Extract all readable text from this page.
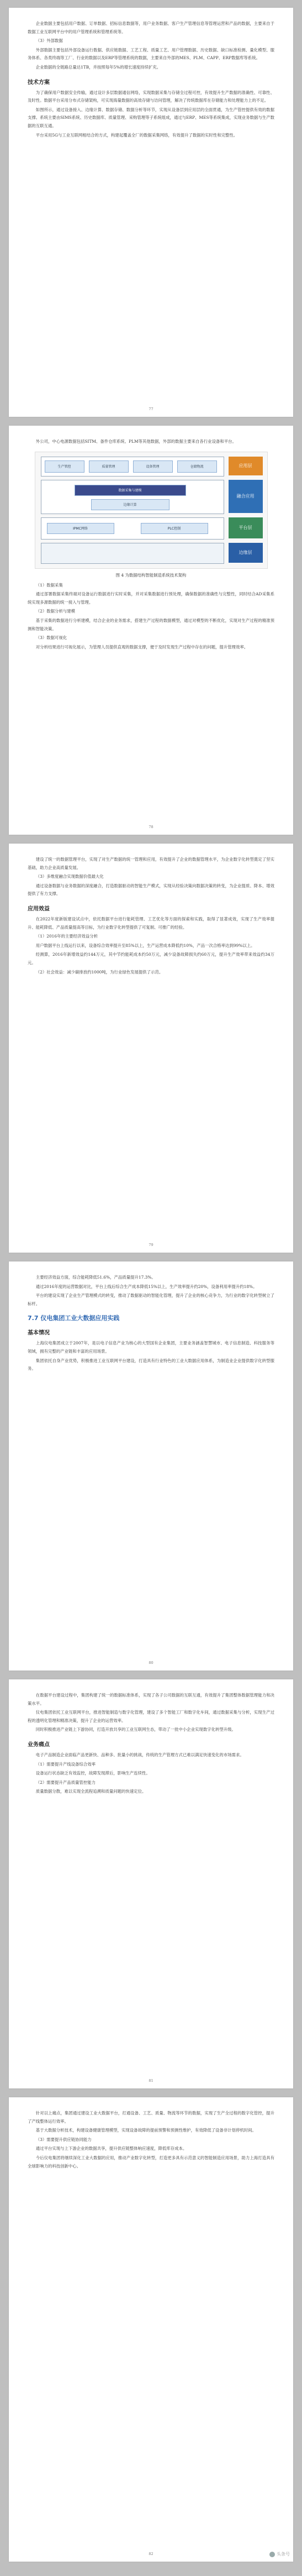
企业数据主要包括用户数据、订单数据、招标信息数据等，用户业务数据、客户生产管理信息等管理运营和产品的数据，主要来自于数据工业互联网平台中的用户管理系统和管理系统等。

（3）外部数据

外部数据主要包括外部设备运行数据、供应链数据、工艺工程、质量工艺、用户管理数据、历史数据、缺口标准检测、量化模型、服务体系、各类终端等工厂、行业的数据以及ERP等管理系统的数据，主要来自外部的MES、PLM、CAPP、ERP数据库等系统。

企业数据的全链路总量达1TB，并按照每年5%的增长速度持续扩充。

技术方案

为了确保用户数据安全传输，通过设计多层数据通信网络，实现数据采集与存储全过程可控，有效提升生产数据的准确性、可靠性、及时性。数据平台采用分布式存储架构，可实现海量数据的高效存储与访问管理，解决了传统数据库在存储能力和处理能力上的不足。

如图所示，通过设备接入、边缘计算、数据存储、数据分析等环节，实现从设备层到应用层的全面贯通，为生产管控提供有效的数据支撑。系统主要由SIMS系统、历史数据库、质量管理、采购管理等子系统组成，通过与ERP、MES等系统集成，实现业务数据与生产数据的互联互通。

平台采用5G与工业互联网相结合的方式，构建起覆盖全厂的数据采集网络，有效提升了数据的实时性和完整性。

77

外公司，中心电源数据包括SITM、备件仓库系统、PLM等其他数据，外部的数据主要来自各行业设备和平台。

生产管控	质量管理	设备管理	仓储物流
数据采集与建模
边缘计算
IPMC网络	PLC控制
应用层
融合应用
平台层
边缘层
图 4 为数据结构智能制造系统技术架构

（1）数据采集

通过部署数据采集终端对设备运行数据进行实时采集，并对采集数据进行预处理，确保数据的准确性与完整性，同时结合AD采集系统实现多源数据的统一接入与管理。

（2）数据分析与建模

基于采集的数据进行分析建模，结合企业的业务需求，搭建生产过程的数据模型，通过对模型的不断优化，实现对生产过程的精准预测和智能决策。

（3）数据可视化

对分析结果进行可视化展示，为管理人员提供直观的数据支撑，便于及时发现生产过程中存在的问题，提升管理效率。

78

建设了统一的数据管理平台，实现了对生产数据的统一管理和应用，有效提升了企业的数据管理水平，为企业数字化转型奠定了坚实基础，助力企业高质量发展。

（3）多维度融合实现数据价值最大化

通过设备数据与业务数据的深度融合，打造数据驱动的智能生产模式，实现从经验决策向数据决策的转变，为企业提质、降本、增效提供了有力支撑。

应用效益

在2022年度新版建设试点中，依托数据平台进行能耗管理、工艺优化等方面的探索和实践，取得了显著成效，实现了生产效率提升、能耗降低、产品质量提高等目标，为行业数字化转型提供了可复制、可推广的经验。

（1）2016年的主要经济效益分析

用户数据平台上线运行以来，设备综合效率提升至85%以上，生产运营成本降低约10%，产品一次合格率达到99%以上。

经测算，2016年新增效益约144万元，其中节约能耗成本约50万元，减少设备故障损失约60万元，提升生产效率带来效益约34万元。

（2）社会效益：减少碳排放约1000吨，为行业绿色发展提供了示范。

79

主要经济效益方面，综合能耗降低51.6%，产品质量提升17.3%。

通过2016年度的运营数据对比，平台上线后综合生产成本降低15%以上，生产效率提升约20%，设备利用率提升约18%。

平台的建设实现了企业生产管理模式的转变，推动了数据驱动的智能化管理，提升了企业的核心竞争力，为行业的数字化转型树立了标杆。

7.7 仪电集团工业大数据应用实践
基本情况

上海仪电集团成立于2007年，是以电子信息产业为核心的大型国有企业集团，主要业务涵盖智慧城市、电子信息制造、科技服务等领域，拥有完整的产业链和丰富的应用场景。

集团依托自身产业优势，积极推进工业互联网平台建设，打造具有行业特色的工业大数据应用体系，为制造业企业提供数字化转型服务。

80

在数据平台建设过程中，集团构建了统一的数据标准体系，实现了各子公司数据的互联互通，有效提升了集团整体数据管理能力和决策水平。

仪电集团依托工业互联网平台，推进智能制造与数字化管理，建设了多个智能工厂和数字化车间，通过数据采集与分析，实现生产过程的透明化管理和精准决策，提升了企业的运营效率。

同时积极推进产业链上下游协同，打造开放共享的工业互联网生态，带动了一批中小企业实现数字化转型升级。

业务痛点

电子产品制造企业面临产品更新快、品种多、批量小的挑战，传统的生产管理方式已难以满足快速变化的市场需求。

（1）需要提升产线设备综合效率

设备运行状态缺乏有效监控，故障发现滞后，影响生产连续性。

（2）需要提升产品质量管控能力

质量数据分散，难以实现全流程追溯和质量问题的快速定位。

81

针对以上痛点，集团通过建设工业大数据平台，打通设备、工艺、质量、物流等环节的数据，实现了生产全过程的数字化管控，提升了产线整体运行效率。

基于大数据分析技术，构建设备健康管理模型，实现设备故障的提前预警和预测性维护，有效降低了设备非计划停机时间。

（3）需要提升供应链协同能力

通过平台实现与上下游企业的数据共享，提升供应链整体响应速度，降低库存成本。

今后仪电集团将继续深化工业大数据的应用，推动产业数字化转型，打造更多具有示范意义的智能制造应用场景，助力上海打造具有全球影响力的科技创新中心。

82	头条号
